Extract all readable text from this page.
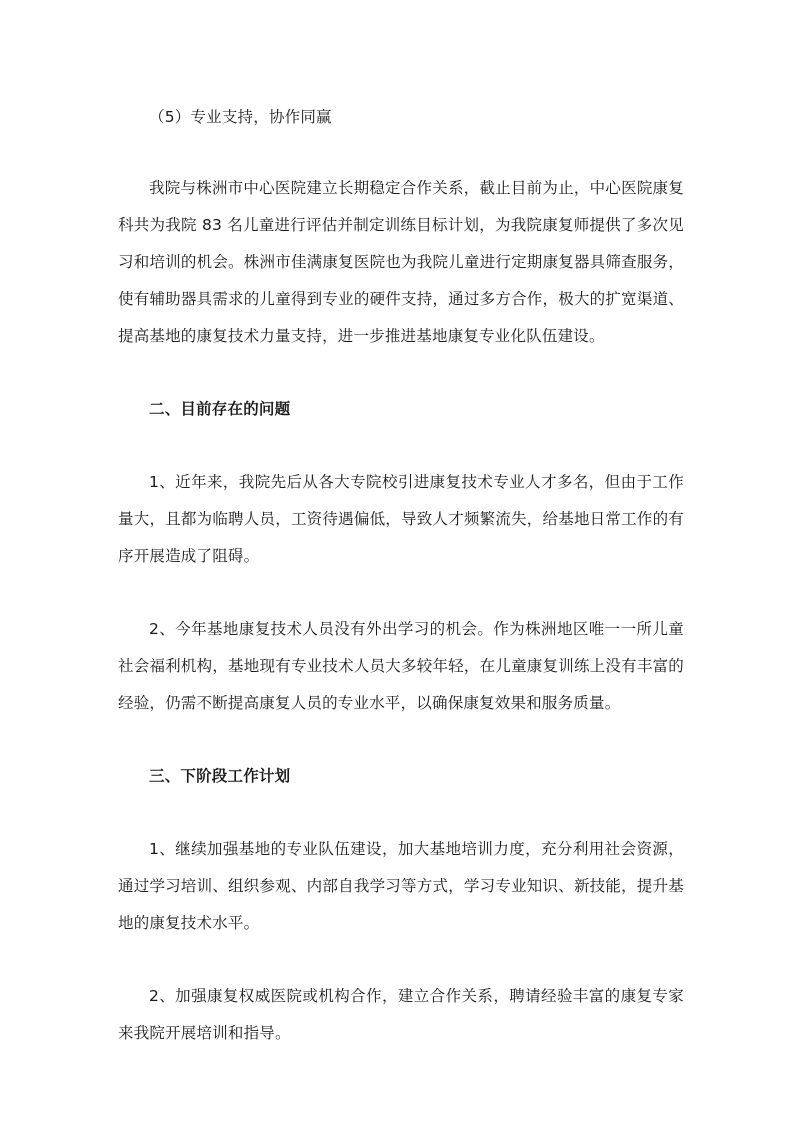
（5）专业支持，协作同赢

我院与株洲市中心医院建立长期稳定合作关系，截止目前为止，中心医院康复科共为我院 83 名儿童进行评估并制定训练目标计划，为我院康复师提供了多次见习和培训的机会。株洲市佳满康复医院也为我院儿童进行定期康复器具筛查服务，使有辅助器具需求的儿童得到专业的硬件支持，通过多方合作，极大的扩宽渠道、提高基地的康复技术力量支持，进一步推进基地康复专业化队伍建设。

二、目前存在的问题

1、近年来，我院先后从各大专院校引进康复技术专业人才多名，但由于工作量大，且都为临聘人员，工资待遇偏低，导致人才频繁流失，给基地日常工作的有序开展造成了阻碍。

2、今年基地康复技术人员没有外出学习的机会。作为株洲地区唯一一所儿童社会福利机构，基地现有专业技术人员大多较年轻，在儿童康复训练上没有丰富的经验，仍需不断提高康复人员的专业水平，以确保康复效果和服务质量。

三、下阶段工作计划

1、继续加强基地的专业队伍建设，加大基地培训力度，充分利用社会资源，通过学习培训、组织参观、内部自我学习等方式，学习专业知识、新技能，提升基地的康复技术水平。

2、加强康复权威医院或机构合作，建立合作关系，聘请经验丰富的康复专家来我院开展培训和指导。
